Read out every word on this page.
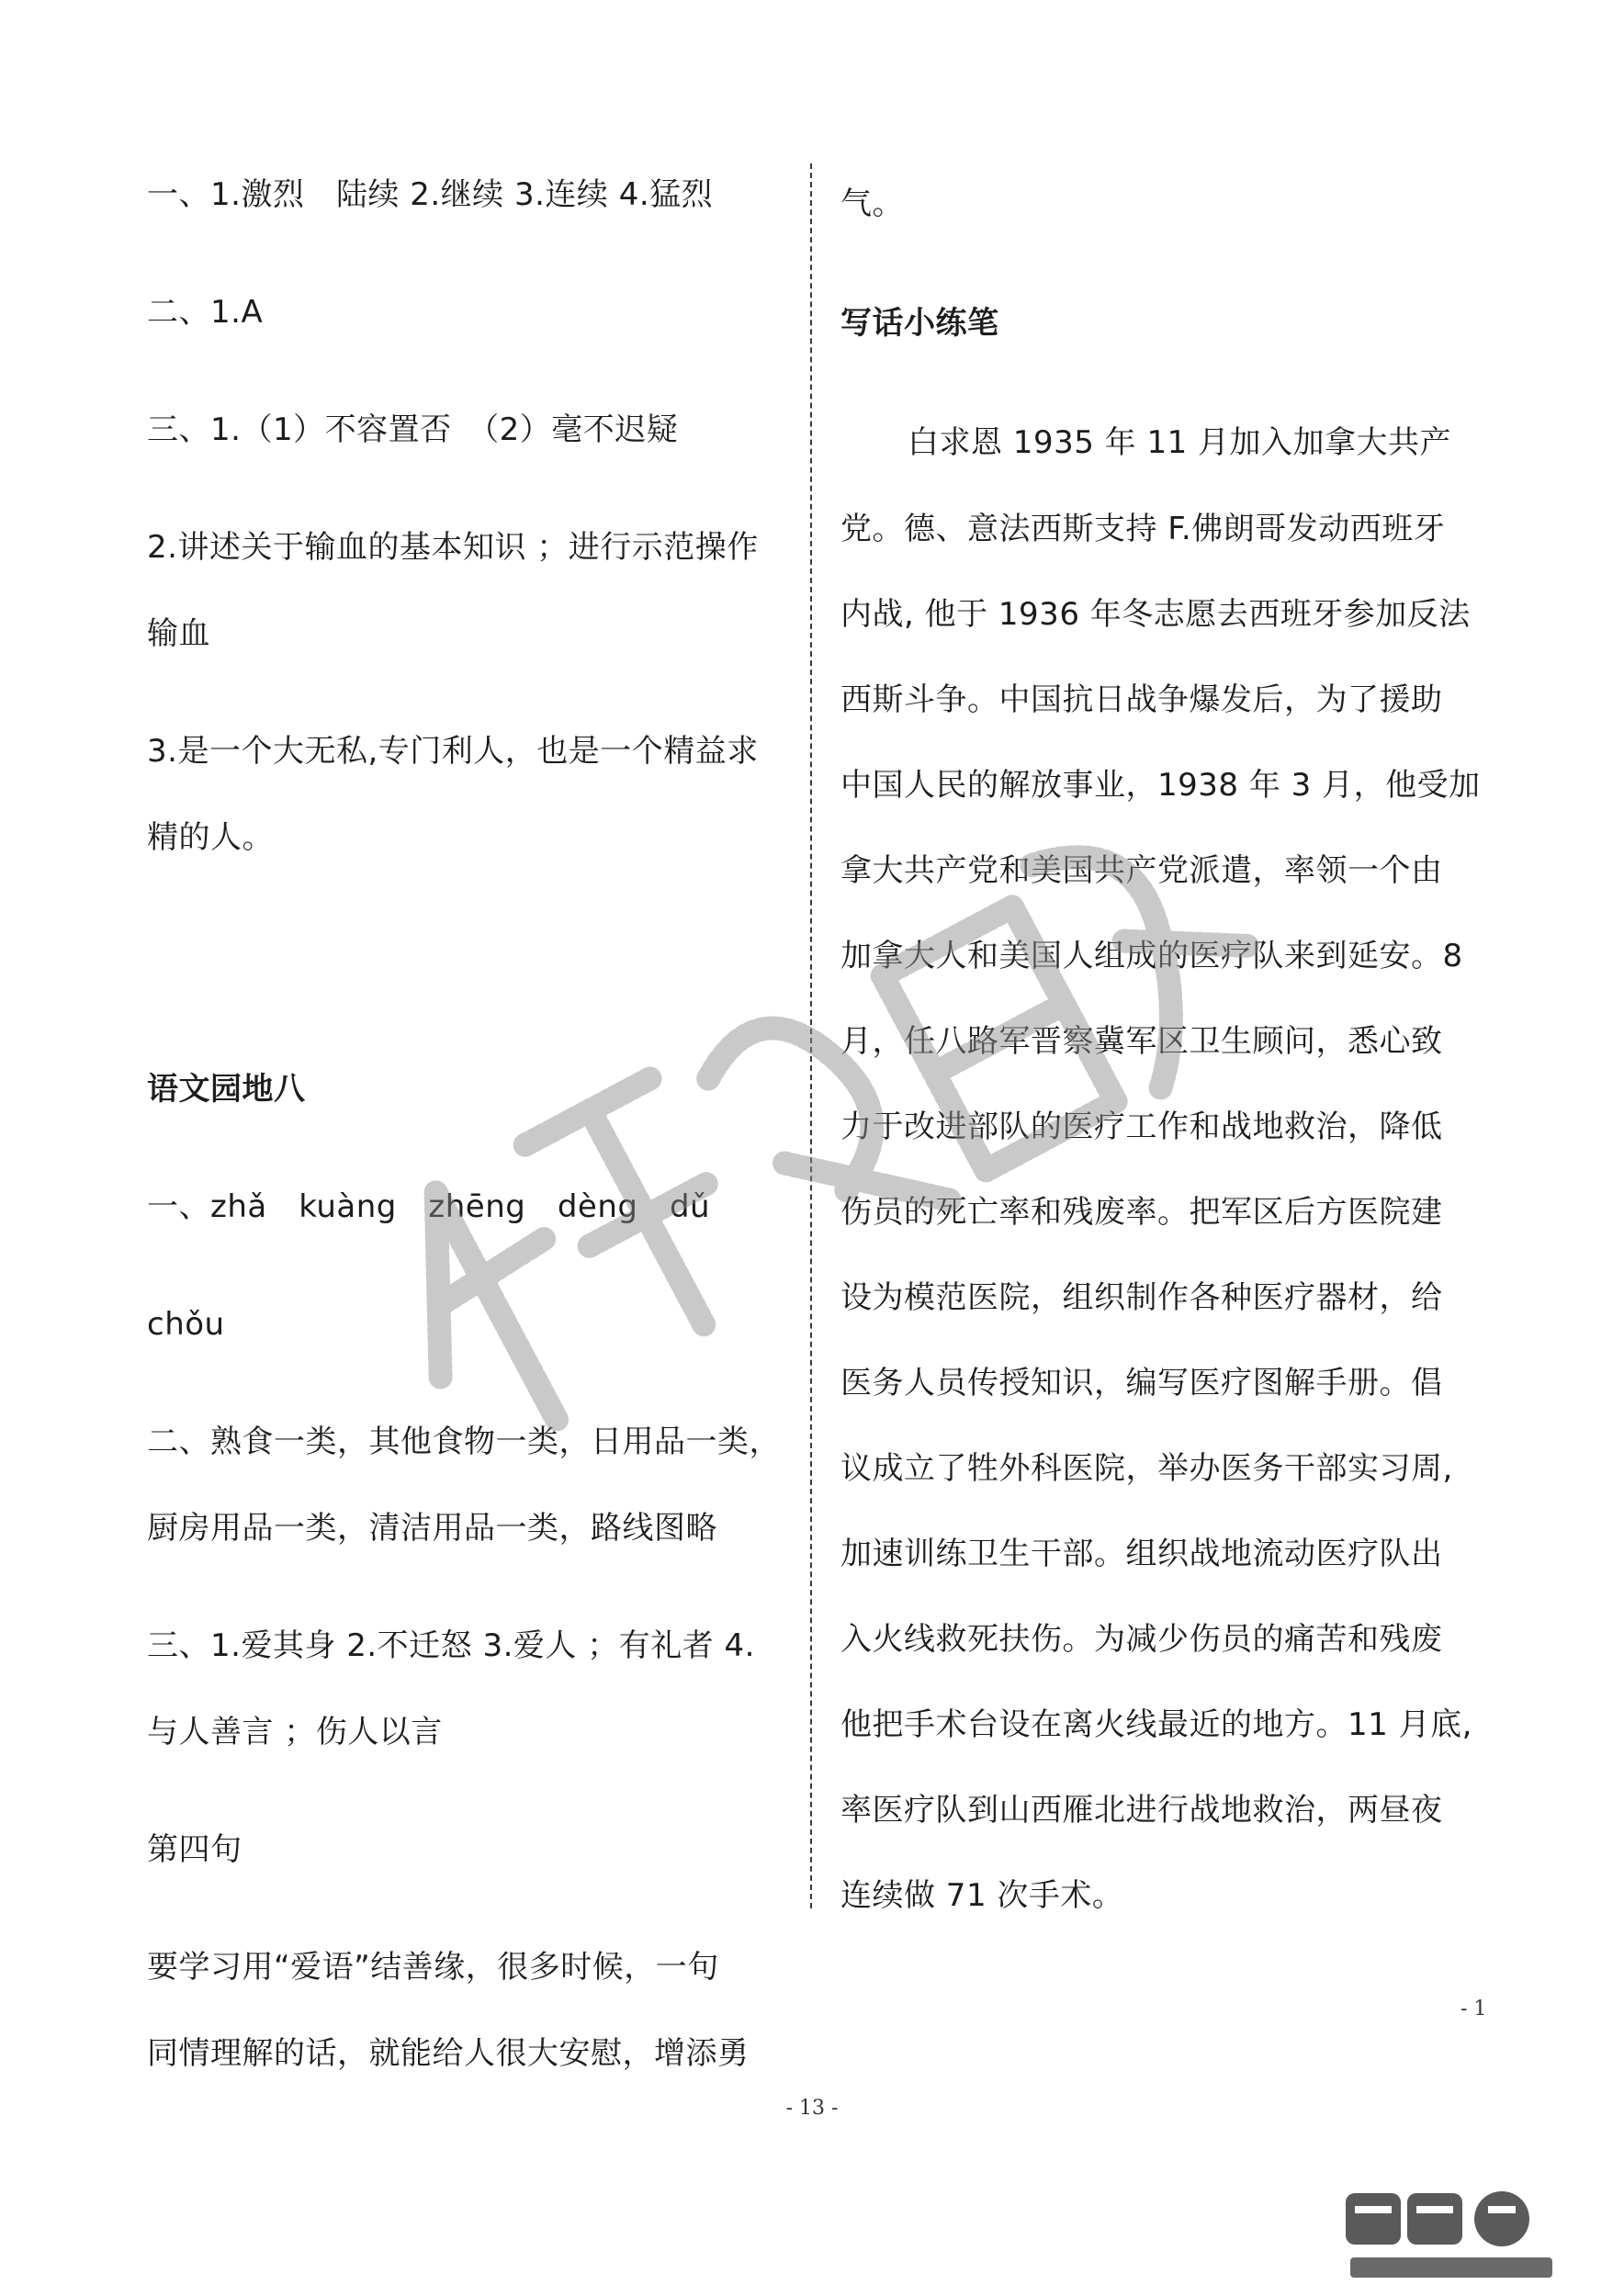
一、1.激烈　陆续 2.继续 3.连续 4.猛烈
二、1.A
三、1.（1）不容置否　（2）毫不迟疑
2.讲述关于输血的基本知识 ；进行示范操作
输血
3.是一个大无私,专门利人，也是一个精益求
精的人。
语文园地八
一、zhǎ　kuàng　zhēng　dèng　dǔ
chǒu
二、熟食一类，其他食物一类，日用品一类，
厨房用品一类，清洁用品一类，路线图略
三、1.爱其身 2.不迁怒 3.爱人 ；有礼者 4.
与人善言 ；伤人以言
第四句
要学习用“爱语”结善缘，很多时候，一句
同情理解的话，就能给人很大安慰，增添勇
气。
写话小练笔
白求恩 1935 年 11 月加入加拿大共产
党。德、意法西斯支持 F.佛朗哥发动西班牙
内战, 他于 1936 年冬志愿去西班牙参加反法
西斯斗争。中国抗日战争爆发后，为了援助
中国人民的解放事业，1938 年 3 月，他受加
拿大共产党和美国共产党派遣，率领一个由
加拿大人和美国人组成的医疗队来到延安。8
月，任八路军晋察冀军区卫生顾问，悉心致
力于改进部队的医疗工作和战地救治，降低
伤员的死亡率和残废率。把军区后方医院建
设为模范医院，组织制作各种医疗器材，给
医务人员传授知识，编写医疗图解手册。倡
议成立了牲外科医院，举办医务干部实习周,
加速训练卫生干部。组织战地流动医疗队出
入火线救死扶伤。为减少伤员的痛苦和残废
他把手术台设在离火线最近的地方。11 月底,
率医疗队到山西雁北进行战地救治，两昼夜
连续做 71 次手术。
- 1
- 13 -
